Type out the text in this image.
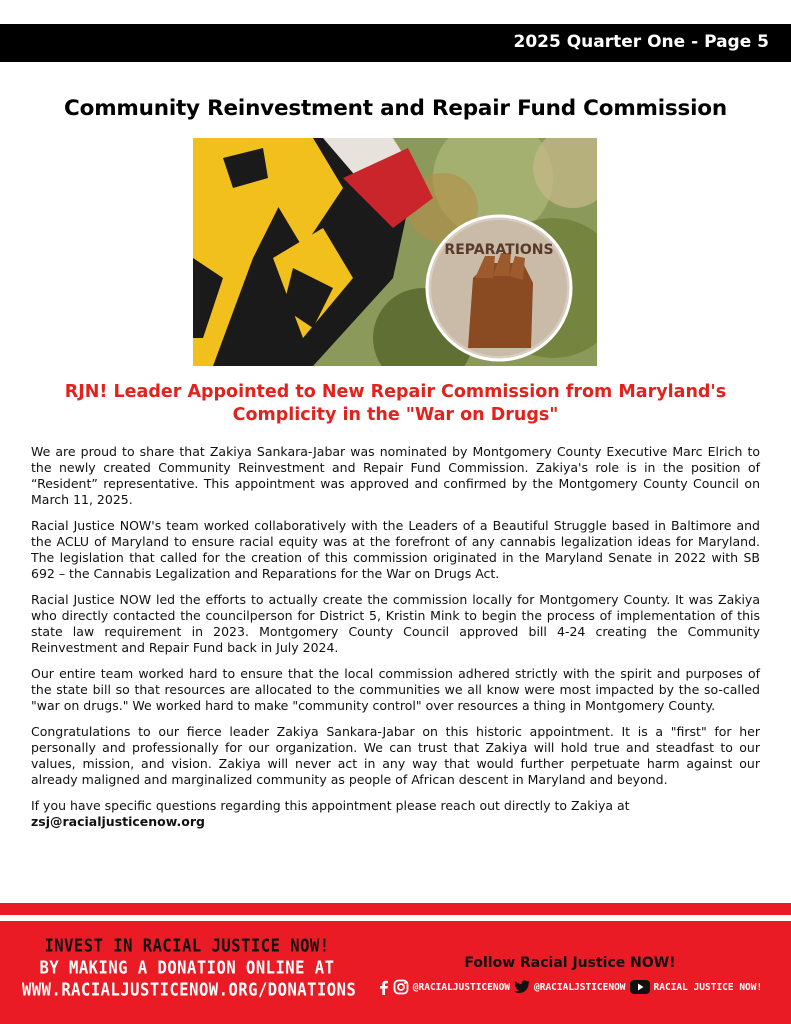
2025 Quarter One - Page 5
Community Reinvestment and Repair Fund Commission
REPARATIONS
RJN! Leader Appointed to New Repair Commission from Maryland's
Complicity in the "War on Drugs"

We are proud to share that Zakiya Sankara-Jabar was nominated by Montgomery County Executive Marc Elrich to the newly created Community Reinvestment and Repair Fund Commission. Zakiya's role is in the position of “Resident” representative. This appointment was approved and confirmed by the Montgomery County Council on March 11, 2025.

Racial Justice NOW's team worked collaboratively with the Leaders of a Beautiful Struggle based in Baltimore and the ACLU of Maryland to ensure racial equity was at the forefront of any cannabis legalization ideas for Maryland. The legislation that called for the creation of this commission originated in the Maryland Senate in 2022 with SB 692 – the Cannabis Legalization and Reparations for the War on Drugs Act.

Racial Justice NOW led the efforts to actually create the commission locally for Montgomery County. It was Zakiya who directly contacted the councilperson for District 5, Kristin Mink to begin the process of implementation of this state law requirement in 2023. Montgomery County Council approved bill 4-24 creating the Community Reinvestment and Repair Fund back in July 2024.

Our entire team worked hard to ensure that the local commission adhered strictly with the spirit and purposes of the state bill so that resources are allocated to the communities we all know were most impacted by the so-called "war on drugs." We worked hard to make "community control" over resources a thing in Montgomery County.

Congratulations to our fierce leader Zakiya Sankara-Jabar on this historic appointment. It is a "first" for her personally and professionally for our organization. We can trust that Zakiya will hold true and steadfast to our values, mission, and vision. Zakiya will never act in any way that would further perpetuate harm against our already maligned and marginalized community as people of African descent in Maryland and beyond.

If you have specific questions regarding this appointment please reach out directly to Zakiya at
zsj@racialjusticenow.org

INVEST IN RACIAL JUSTICE NOW!
BY MAKING A DONATION ONLINE AT
WWW.RACIALJUSTICENOW.ORG/DONATIONS
Follow Racial Justice NOW!
@RACIALJUSTICENOW	@RACIALJSTICENOW	RACIAL JUSTICE NOW!
